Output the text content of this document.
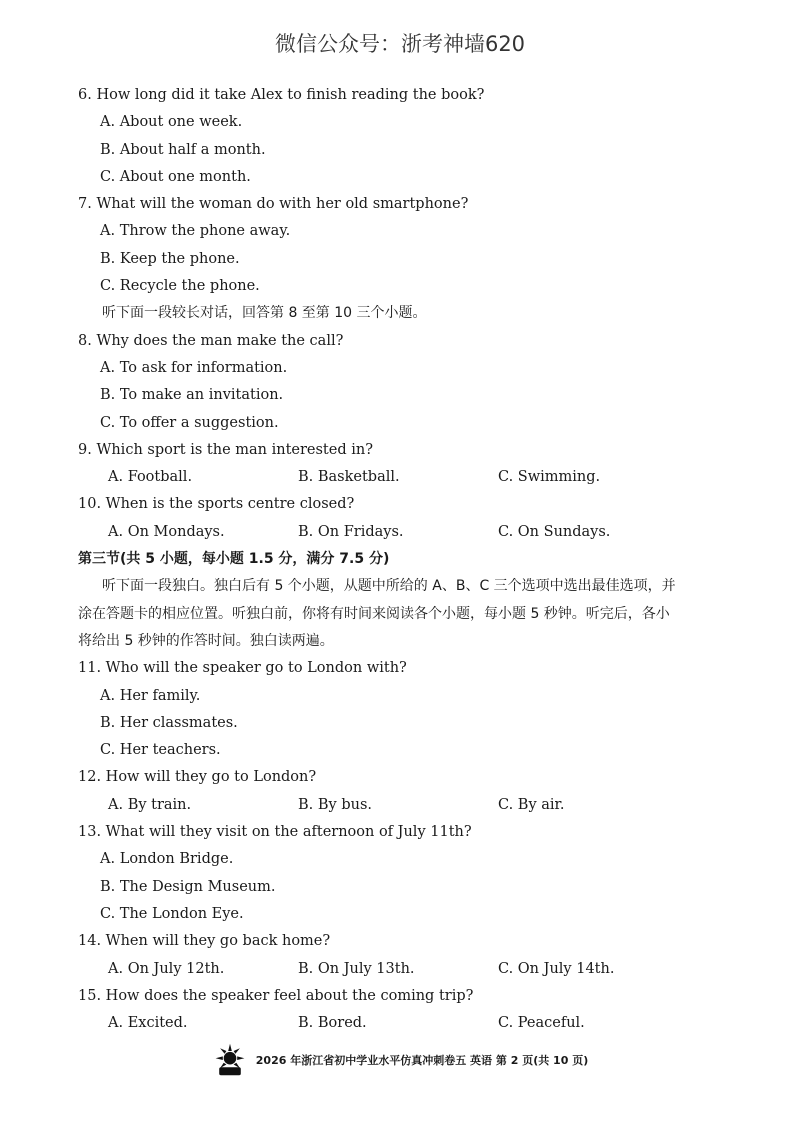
微信公众号：浙考神墙620
6. How long did it take Alex to finish reading the book?
A. About one week.
B. About half a month.
C. About one month.
7. What will the woman do with her old smartphone?
A. Throw the phone away.
B. Keep the phone.
C. Recycle the phone.
听下面一段较长对话，回答第 8 至第 10 三个小题。
8. Why does the man make the call?
A. To ask for information.
B. To make an invitation.
C. To offer a suggestion.
9. Which sport is the man interested in?
A. Football.	B. Basketball.	C. Swimming.
10. When is the sports centre closed?
A. On Mondays.	B. On Fridays.	C. On Sundays.
第三节(共 5 小题，每小题 1.5 分，满分 7.5 分)
听下面一段独白。独白后有 5 个小题，从题中所给的 A、B、C 三个选项中选出最佳选项，并
涂在答题卡的相应位置。听独白前，你将有时间来阅读各个小题，每小题 5 秒钟。听完后，各小
将给出 5 秒钟的作答时间。独白读两遍。
11. Who will the speaker go to London with?
A. Her family.
B. Her classmates.
C. Her teachers.
12. How will they go to London?
A. By train.	B. By bus.	C. By air.
13. What will they visit on the afternoon of July 11th?
A. London Bridge.
B. The Design Museum.
C. The London Eye.
14. When will they go back home?
A. On July 12th.	B. On July 13th.	C. On July 14th.
15. How does the speaker feel about the coming trip?
A. Excited.	B. Bored.	C. Peaceful.
2026 年浙江省初中学业水平仿真冲刺卷五 英语 第 2 页(共 10 页)
